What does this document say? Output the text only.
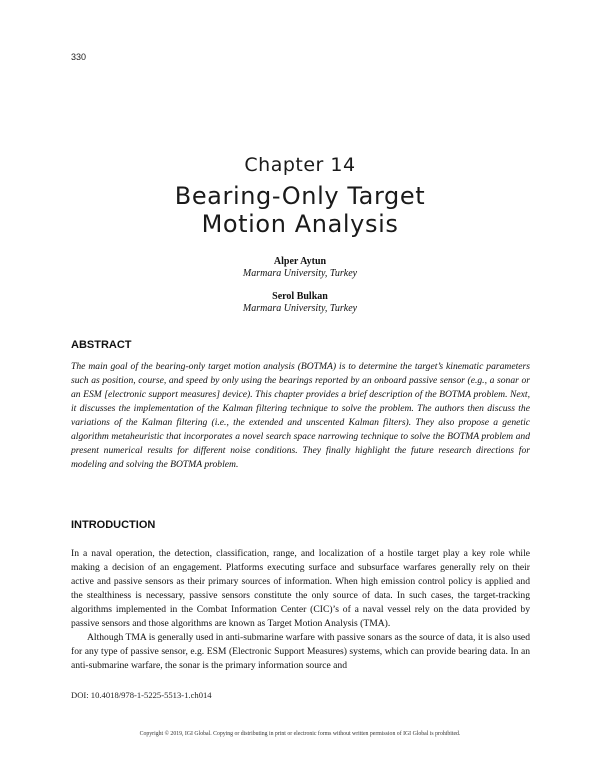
330
Chapter 14
Bearing-Only Target
Motion Analysis
Alper Aytun
Marmara University, Turkey
Serol Bulkan
Marmara University, Turkey
ABSTRACT
The main goal of the bearing-only target motion analysis (BOTMA) is to determine the target’s kinematic parameters such as position, course, and speed by only using the bearings reported by an onboard passive sensor (e.g., a sonar or an ESM [electronic support measures] device). This chapter provides a brief description of the BOTMA problem. Next, it discusses the implementation of the Kalman filtering technique to solve the problem. The authors then discuss the variations of the Kalman filtering (i.e., the extended and unscented Kalman filters). They also propose a genetic algorithm metaheuristic that incorporates a novel search space narrowing technique to solve the BOTMA problem and present numerical results for different noise conditions. They finally highlight the future research directions for modeling and solving the BOTMA problem.
INTRODUCTION

In a naval operation, the detection, classification, range, and localization of a hostile target play a key role while making a decision of an engagement. Platforms executing surface and subsurface warfares generally rely on their active and passive sensors as their primary sources of information. When high emission control policy is applied and the stealthiness is necessary, passive sensors constitute the only source of data. In such cases, the target-tracking algorithms implemented in the Combat Information Center (CIC)’s of a naval vessel rely on the data provided by passive sensors and those algorithms are known as Target Motion Analysis (TMA).

Although TMA is generally used in anti-submarine warfare with passive sonars as the source of data, it is also used for any type of passive sensor, e.g. ESM (Electronic Support Measures) systems, which can provide bearing data. In an anti-submarine warfare, the sonar is the primary information source and

DOI: 10.4018/978-1-5225-5513-1.ch014
Copyright © 2019, IGI Global. Copying or distributing in print or electronic forms without written permission of IGI Global is prohibited.
